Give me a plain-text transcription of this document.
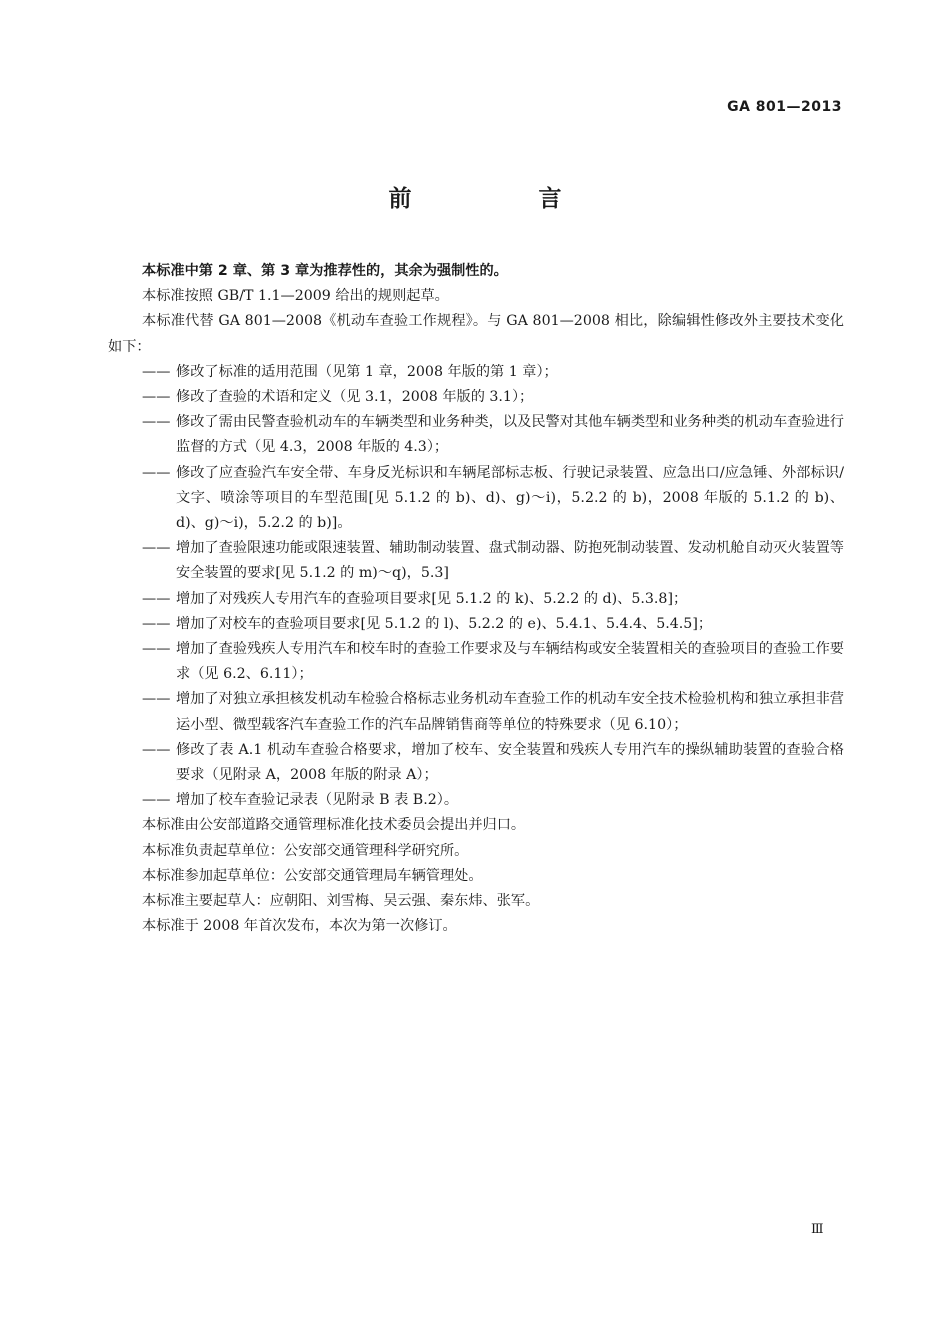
GA 801—2013
前　言

本标准中第 2 章、第 3 章为推荐性的，其余为强制性的。

本标准按照 GB/T 1.1—2009 给出的规则起草。

本标准代替 GA 801—2008《机动车查验工作规程》。与 GA 801—2008 相比，除编辑性修改外主要技术变化如下：

—— 修改了标准的适用范围（见第 1 章，2008 年版的第 1 章）；
—— 修改了查验的术语和定义（见 3.1，2008 年版的 3.1）；
—— 修改了需由民警查验机动车的车辆类型和业务种类，以及民警对其他车辆类型和业务种类的机动车查验进行监督的方式（见 4.3，2008 年版的 4.3）；
—— 修改了应查验汽车安全带、车身反光标识和车辆尾部标志板、行驶记录装置、应急出口/应急锤、外部标识/文字、喷涂等项目的车型范围[见 5.1.2 的 b)、d)、g)～i)，5.2.2 的 b)，2008 年版的 5.1.2 的 b)、d)、g)～i)，5.2.2 的 b)]。
—— 增加了查验限速功能或限速装置、辅助制动装置、盘式制动器、防抱死制动装置、发动机舱自动灭火装置等安全装置的要求[见 5.1.2 的 m)～q)，5.3]
—— 增加了对残疾人专用汽车的查验项目要求[见 5.1.2 的 k)、5.2.2 的 d)、5.3.8]；
—— 增加了对校车的查验项目要求[见 5.1.2 的 l)、5.2.2 的 e)、5.4.1、5.4.4、5.4.5]；
—— 增加了查验残疾人专用汽车和校车时的查验工作要求及与车辆结构或安全装置相关的查验项目的查验工作要求（见 6.2、6.11）；
—— 增加了对独立承担核发机动车检验合格标志业务机动车查验工作的机动车安全技术检验机构和独立承担非营运小型、微型载客汽车查验工作的汽车品牌销售商等单位的特殊要求（见 6.10）；
—— 修改了表 A.1 机动车查验合格要求，增加了校车、安全装置和残疾人专用汽车的操纵辅助装置的查验合格要求（见附录 A，2008 年版的附录 A）；
—— 增加了校车查验记录表（见附录 B 表 B.2）。

本标准由公安部道路交通管理标准化技术委员会提出并归口。

本标准负责起草单位：公安部交通管理科学研究所。

本标准参加起草单位：公安部交通管理局车辆管理处。

本标准主要起草人：应朝阳、刘雪梅、吴云强、秦东炜、张军。

本标准于 2008 年首次发布，本次为第一次修订。

Ⅲ
